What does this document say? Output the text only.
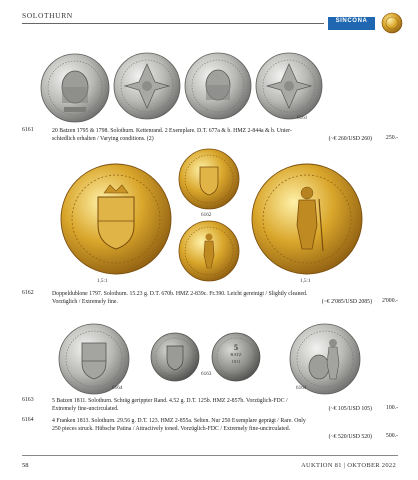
SOLOTHURN
SINCONA
6161
6161	20 Batzen 1795 & 1798. Solothurn. Kettenrand. 2 Exemplare. D.T. 677a & b. HMZ 2-844a & b. Unter-
schiedlich erhalten / Varying conditions. (2)	(~€ 260/USD 260)	250.-
6162
1,5:1	1,5:1
6162	Doppeldublone 1797. Solothurn. 15.23 g. D.T. 670b. HMZ 2-839c. Fr.390. Leicht gereinigt / Slightly cleaned.
Vorzüglich / Extremely fine.	(~€ 2'085/USD 2085)	2'000.-
6164
5
BATZ
1811
6163
6164
6163	5 Batzen 1811. Solothurn. Schräg gerippter Rand. 4.52 g. D.T. 125b. HMZ 2-857b. Vorzüglich-FDC /
Extremely fine-uncirculated.	(~€ 105/USD 105)	100.-
6164	4 Franken 1813. Solothurn. 29.56 g. D.T. 123. HMZ 2-855a. Selten. Nur 250 Exemplare geprägt / Rare. Only
250 pieces struck. Hübsche Patina / Attractively toned. Vorzüglich-FDC / Extremely fine-uncirculated.
(~€ 520/USD 520)	500.-
58	AUKTION 81 | OKTOBER 2022
